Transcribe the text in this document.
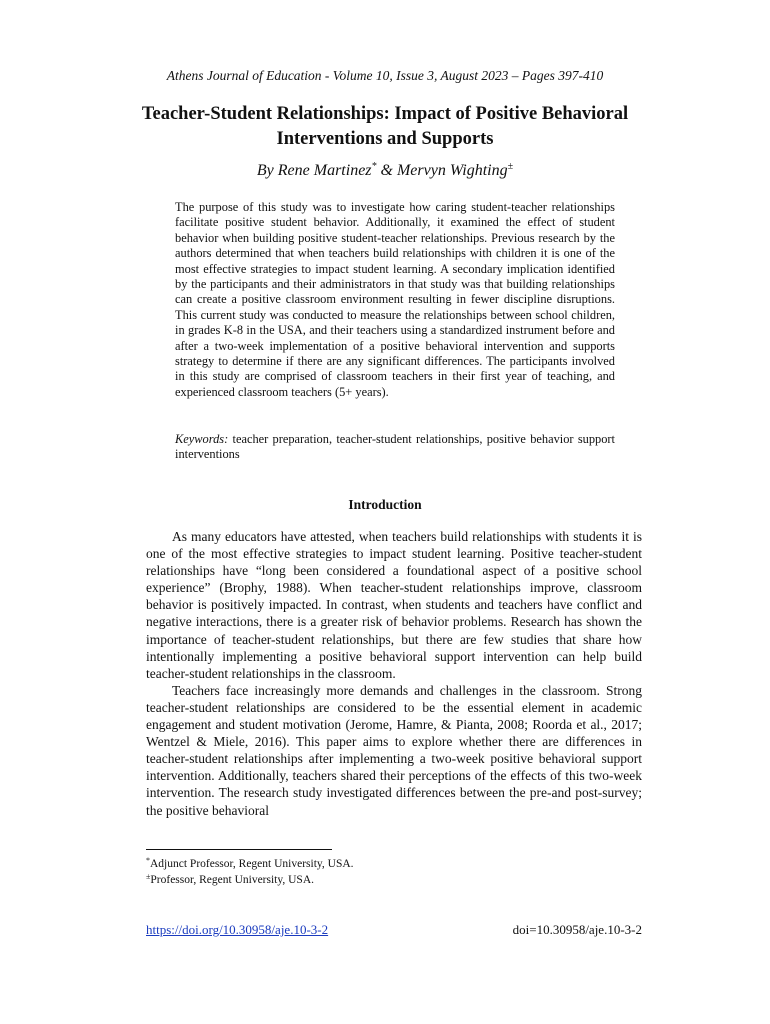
Athens Journal of Education - Volume 10, Issue 3, August 2023 – Pages 397-410
Teacher-Student Relationships: Impact of Positive Behavioral Interventions and Supports
By Rene Martinez* & Mervyn Wighting±

The purpose of this study was to investigate how caring student-teacher relationships facilitate positive student behavior. Additionally, it examined the effect of student behavior when building positive student-teacher relationships. Previous research by the authors determined that when teachers build relationships with children it is one of the most effective strategies to impact student learning. A secondary implication identified by the participants and their administrators in that study was that building relationships can create a positive classroom environment resulting in fewer discipline disruptions. This current study was conducted to measure the relationships between school children, in grades K-8 in the USA, and their teachers using a standardized instrument before and after a two-week implementation of a positive behavioral intervention and supports strategy to determine if there are any significant differences. The participants involved in this study are comprised of classroom teachers in their first year of teaching, and experienced classroom teachers (5+ years).

Keywords: teacher preparation, teacher-student relationships, positive behavior support interventions

Introduction

As many educators have attested, when teachers build relationships with students it is one of the most effective strategies to impact student learning. Positive teacher-student relationships have “long been considered a foundational aspect of a positive school experience” (Brophy, 1988). When teacher-student relationships improve, classroom behavior is positively impacted. In contrast, when students and teachers have conflict and negative interactions, there is a greater risk of behavior problems. Research has shown the importance of teacher-student relationships, but there are few studies that share how intentionally implementing a positive behavioral support intervention can help build teacher-student relationships in the classroom.

Teachers face increasingly more demands and challenges in the classroom. Strong teacher-student relationships are considered to be the essential element in academic engagement and student motivation (Jerome, Hamre, & Pianta, 2008; Roorda et al., 2017; Wentzel & Miele, 2016). This paper aims to explore whether there are differences in teacher-student relationships after implementing a two-week positive behavioral support intervention. Additionally, teachers shared their perceptions of the effects of this two-week intervention. The research study investigated differences between the pre-and post-survey; the positive behavioral

*Adjunct Professor, Regent University, USA.
±Professor, Regent University, USA.
https://doi.org/10.30958/aje.10-3-2	doi=10.30958/aje.10-3-2
